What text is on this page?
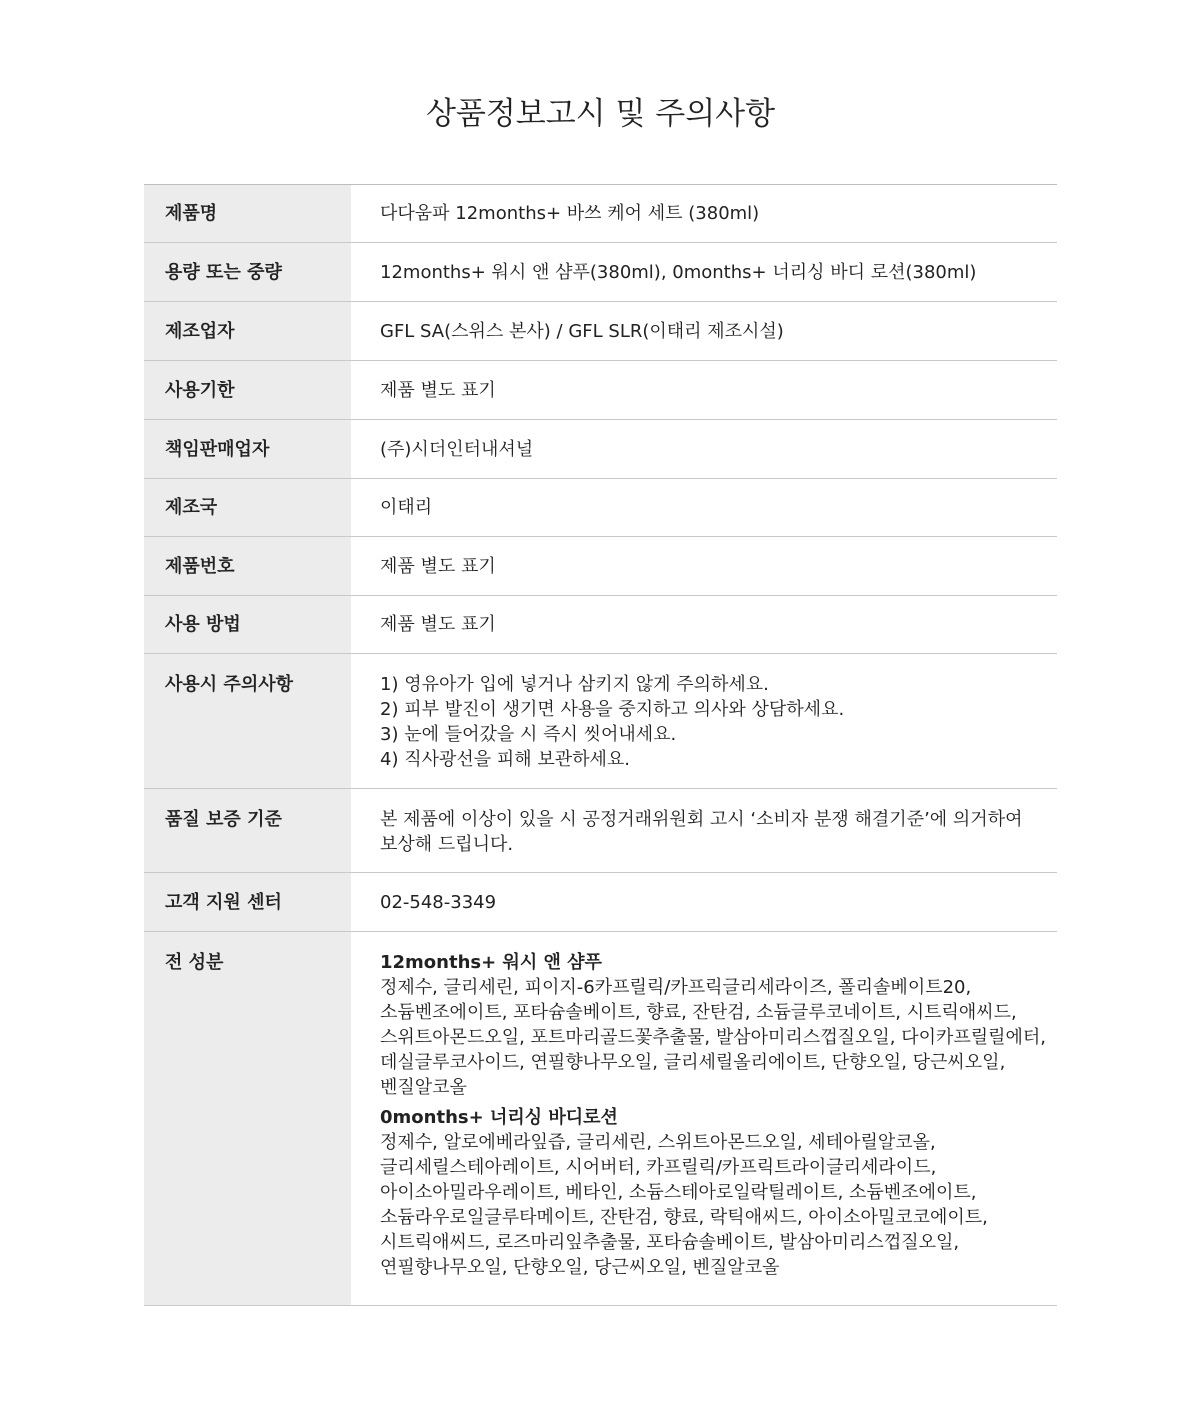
상품정보고시 및 주의사항
제품명	다다움파 12months+ 바쓰 케어 세트 (380ml)
용량 또는 중량	12months+ 워시 앤 샴푸(380ml), 0months+ 너리싱 바디 로션(380ml)
제조업자	GFL SA(스위스 본사) / GFL SLR(이태리 제조시설)
사용기한	제품 별도 표기
책임판매업자	(주)시더인터내셔널
제조국	이태리
제품번호	제품 별도 표기
사용 방법	제품 별도 표기
사용시 주의사항	1) 영유아가 입에 넣거나 삼키지 않게 주의하세요.
2) 피부 발진이 생기면 사용을 중지하고 의사와 상담하세요.
3) 눈에 들어갔을 시 즉시 씻어내세요.
4) 직사광선을 피해 보관하세요.
품질 보증 기준	본 제품에 이상이 있을 시 공정거래위원회 고시 ‘소비자 분쟁 해결기준’에 의거하여
보상해 드립니다.
고객 지원 센터	02-548-3349
전 성분	12months+ 워시 앤 샴푸
정제수, 글리세린, 피이지-6카프릴릭/카프릭글리세라이즈, 폴리솔베이트20,
소듐벤조에이트, 포타슘솔베이트, 향료, 잔탄검, 소듐글루코네이트, 시트릭애씨드,
스위트아몬드오일, 포트마리골드꽃추출물, 발삼아미리스껍질오일, 다이카프릴릴에터,
데실글루코사이드, 연필향나무오일, 글리세릴올리에이트, 단향오일, 당근씨오일,
벤질알코올
0months+ 너리싱 바디로션
정제수, 알로에베라잎즙, 글리세린, 스위트아몬드오일, 세테아릴알코올,
글리세릴스테아레이트, 시어버터, 카프릴릭/카프릭트라이글리세라이드,
아이소아밀라우레이트, 베타인, 소듐스테아로일락틸레이트, 소듐벤조에이트,
소듐라우로일글루타메이트, 잔탄검, 향료, 락틱애씨드, 아이소아밀코코에이트,
시트릭애씨드, 로즈마리잎추출물, 포타슘솔베이트, 발삼아미리스껍질오일,
연필향나무오일, 단향오일, 당근씨오일, 벤질알코올
